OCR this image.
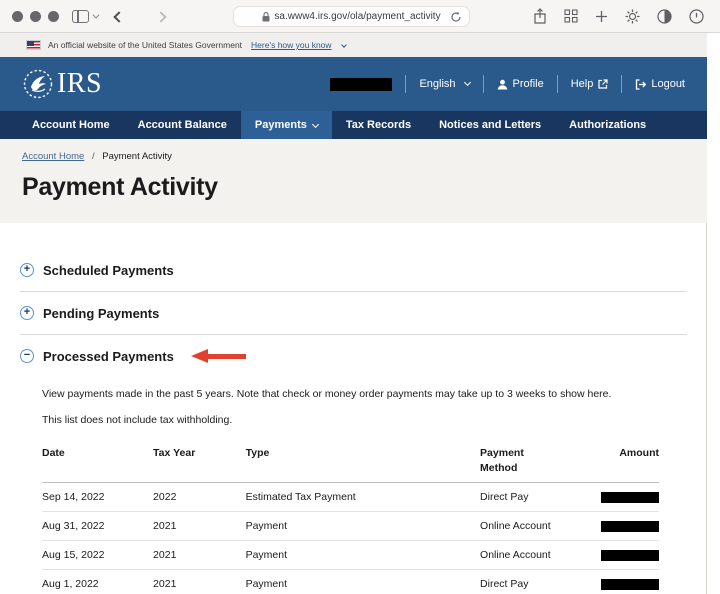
sa.www4.irs.gov/ola/payment_activity
An official website of the United States Government Here's how you know
IRS	English	Profile Help	Logout
Account Home	Account Balance	Payments	Tax Records	Notices and Letters	Authorizations
Account Home / Payment Activity
Payment Activity
+ Scheduled Payments
+ Pending Payments
− Processed Payments

View payments made in the past 5 years. Note that check or money order payments may take up to 3 weeks to show here.

This list does not include tax withholding.

Date	Tax Year	Type	Payment Method	Amount
Sep 14, 2022	2022	Estimated Tax Payment	Direct Pay	
Aug 31, 2022	2021	Payment	Online Account	
Aug 15, 2022	2021	Payment	Online Account	
Aug 1, 2022	2021	Payment	Direct Pay	
